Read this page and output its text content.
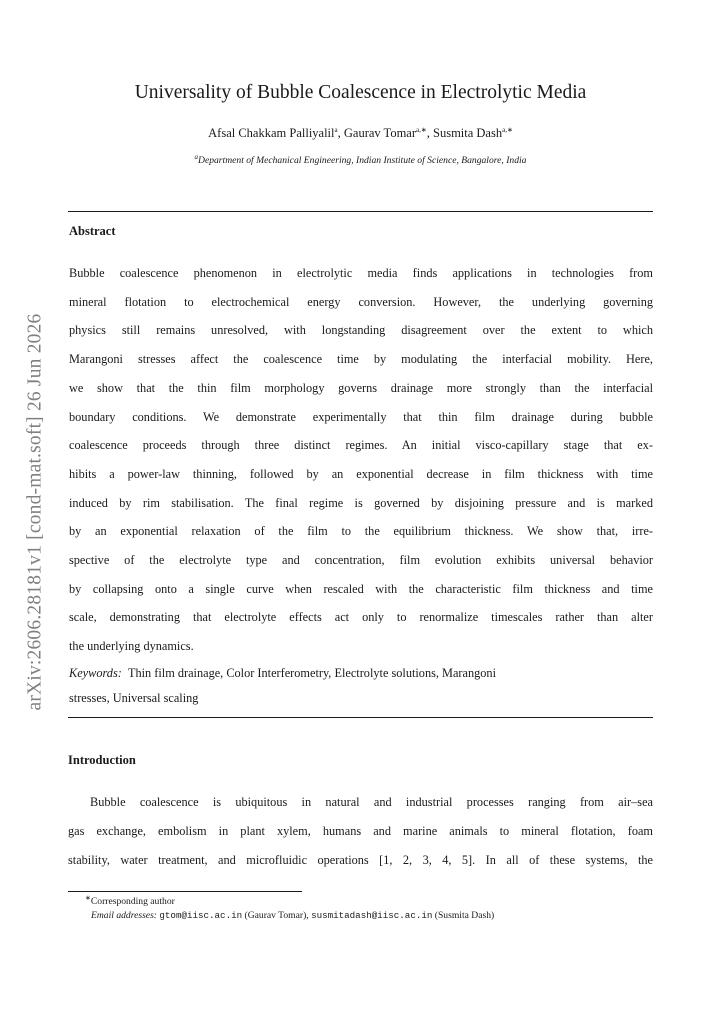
arXiv:2606.28181v1 [cond-mat.soft] 26 Jun 2026
Universality of Bubble Coalescence in Electrolytic Media
Afsal Chakkam Palliyalil$^a$, Gaurav Tomar$^{a,∗}$, Susmita Dash$^{a,∗}$
$^a$Department of Mechanical Engineering, Indian Institute of Science, Bangalore, India
Abstract
Bubble coalescence phenomenon in electrolytic media finds applications in technologies from
mineral flotation to electrochemical energy conversion. However, the underlying governing
physics still remains unresolved, with longstanding disagreement over the extent to which
Marangoni stresses affect the coalescence time by modulating the interfacial mobility. Here,
we show that the thin film morphology governs drainage more strongly than the interfacial
boundary conditions. We demonstrate experimentally that thin film drainage during bubble
coalescence proceeds through three distinct regimes. An initial visco-capillary stage that ex-
hibits a power-law thinning, followed by an exponential decrease in film thickness with time
induced by rim stabilisation. The final regime is governed by disjoining pressure and is marked
by an exponential relaxation of the film to the equilibrium thickness. We show that, irre-
spective of the electrolyte type and concentration, film evolution exhibits universal behavior
by collapsing onto a single curve when rescaled with the characteristic film thickness and time
scale, demonstrating that electrolyte effects act only to renormalize timescales rather than alter
the underlying dynamics.
Keywords: Thin film drainage, Color Interferometry, Electrolyte solutions, Marangoni
stresses, Universal scaling
Introduction
Bubble coalescence is ubiquitous in natural and industrial processes ranging from air–sea
gas exchange, embolism in plant xylem, humans and marine animals to mineral flotation, foam
stability, water treatment, and microfluidic operations [1, 2, 3, 4, 5]. In all of these systems, the
∗Corresponding author
Email addresses: gtom@iisc.ac.in (Gaurav Tomar), susmitadash@iisc.ac.in (Susmita Dash)
